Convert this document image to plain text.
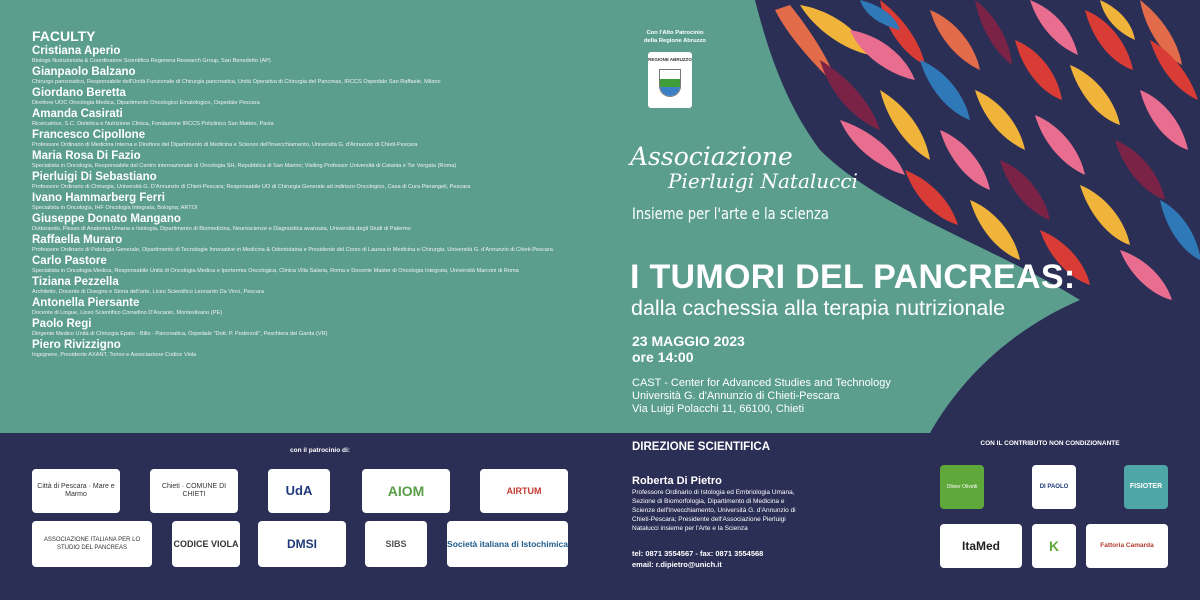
FACULTY
Cristiana Aperio
Biologo Nutrizionista & Coordinatore Scientifico Regenera Research Group, San Benedetto (AP)
Gianpaolo Balzano
Chirurgo pancreatico, Responsabile dell'Unità Funzionale di Chirurgia pancreatica, Unità Operativa di Chirurgia del Pancreas, IRCCS Ospedale San Raffaele, Milano
Giordano Beretta
Direttore UOC Oncologia Medica, Dipartimento Oncologico Ematologico, Ospedale Pescara
Amanda Casirati
Ricercatrice, S.C. Dietetica e Nutrizione Clinica, Fondazione IRCCS Policlinico San Matteo, Pavia
Francesco Cipollone
Professore Ordinario di Medicina Interna e Direttore del Dipartimento di Medicina e Scienze dell'Invecchiamento, Università G. d'Annunzio di Chieti-Pescara
Maria Rosa Di Fazio
Specialista in Oncologia, Responsabile del Centro internazionale di Oncologia SH, Repubblica di San Marino; Visiting Professor Università di Catania e Tor Vergata (Roma)
Pierluigi Di Sebastiano
Professore Ordinario di Chirurgia, Università G. D'Annunzio di Chieti-Pescara; Responsabile UO di Chirurgia Generale ad indirizzo Oncologico, Casa di Cura Pierangeli, Pescara
Ivano Hammarberg Ferri
Specialista in Oncologia, IHF Oncologia Integrata, Bologna; ARTOI
Giuseppe Donato Mangano
Dottorando, Plesso di Anatomia Umana e Istologia, Dipartimento di Biomedicina, Neuroscienze e Diagnostica avanzata, Università degli Studi di Palermo
Raffaella Muraro
Professore Ordinario di Patologia Generale, Dipartimento di Tecnologie Innovative in Medicina & Odontoiatria e Presidente del Corso di Laurea in Medicina e Chirurgia, Università G. d'Annunzio di Chieti-Pescara
Carlo Pastore
Specialista in Oncologia Medica, Responsabile Unità di Oncologia Medica e Ipertermia Oncologica, Clinica Villa Salaria, Roma e Docente Master di Oncologia Integrata, Università Marconi di Roma
Tiziana Pezzella
Architetto, Docente di Disegno e Storia dell'arte, Liceo Scientifico Leonardo Da Vinci, Pescara
Antonella Piersante
Docente di Lingue, Liceo Scientifico Corradino D'Ascanio, Montesilvano (PE)
Paolo Regi
Dirigente Medico Unità di Chirurgia Epato - Bilio - Pancreatica, Ospedale "Dott. P. Pederzoli", Peschiera del Garda (VR)
Piero Rivizzigno
Ingegnere, Presidente AXANT, Torino e Associazione Codice Viola
Con l'Alto Patrocinio
della Regione Abruzzo
REGIONE ABRUZZO
Associazione
Pierluigi Natalucci
Insieme per l'arte e la scienza
I TUMORI DEL PANCREAS:
dalla cachessia alla terapia nutrizionale
23 MAGGIO 2023
ore 14:00
CAST - Center for Advanced Studies and Technology
Università G. d'Annunzio di Chieti-Pescara
Via Luigi Polacchi 11, 66100, Chieti
con il patrocinio di:
Città di Pescara · Mare e Marmo
Chieti · COMUNE DI CHIETI	UdA	AIOM	AIRTUM
ASSOCIAZIONE ITALIANA PER LO STUDIO DEL PANCREAS	CODICE VIOLA	DMSI	SIBS	Società italiana di Istochimica
DIREZIONE SCIENTIFICA
Roberta Di Pietro
Professore Ordinario di Istologia ed Embriologia Umana, Sezione di Biomorfologia, Dipartimento di Medicina e Scienze dell'Invecchiamento, Università G. d'Annunzio di Chieti-Pescara; Presidente dell'Associazione Pierluigi Natalucci insieme per l'Arte e la Scienza
tel: 0871 3554567 - fax: 0871 3554568
email: r.dipietro@unich.it
CON IL CONTRIBUTO NON CONDIZIONANTE
Olivier Olivetti	DI PAOLO	FISIOTER
ItaMed	K	Fattoria Camarda
